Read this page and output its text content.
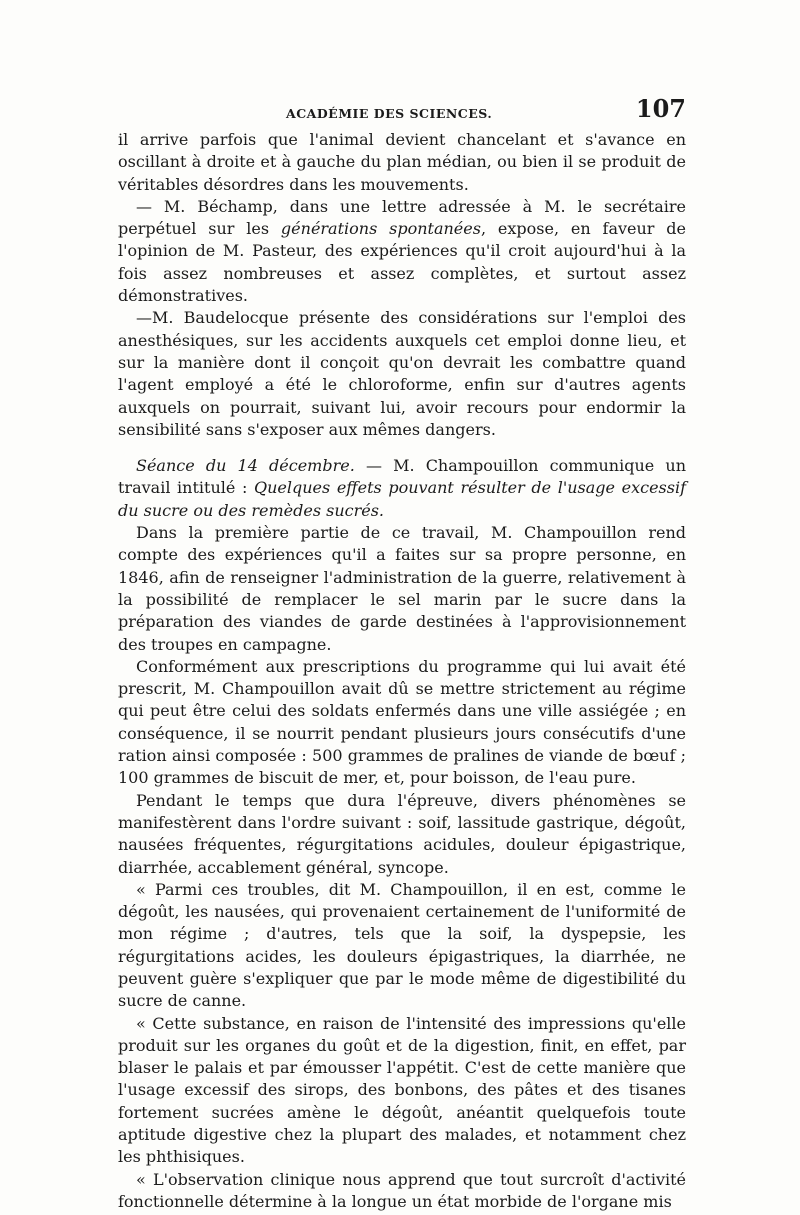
ACADÉMIE DES SCIENCES.	107

il arrive parfois que l'animal devient chancelant et s'avance en oscillant à droite et à gauche du plan médian, ou bien il se produit de véritables désordres dans les mouvements.

— M. Béchamp, dans une lettre adressée à M. le secrétaire perpétuel sur les générations spontanées, expose, en faveur de l'opinion de M. Pasteur, des expériences qu'il croit aujourd'hui à la fois assez nombreuses et assez complètes, et surtout assez démonstratives.

—M. Baudelocque présente des considérations sur l'emploi des anesthésiques, sur les accidents auxquels cet emploi donne lieu, et sur la manière dont il conçoit qu'on devrait les combattre quand l'agent employé a été le chloroforme, enfin sur d'autres agents auxquels on pourrait, suivant lui, avoir recours pour endormir la sensibilité sans s'exposer aux mêmes dangers.

Séance du 14 décembre. — M. Champouillon communique un travail intitulé : Quelques effets pouvant résulter de l'usage excessif du sucre ou des remèdes sucrés.

Dans la première partie de ce travail, M. Champouillon rend compte des expériences qu'il a faites sur sa propre personne, en 1846, afin de renseigner l'administration de la guerre, relativement à la possibilité de remplacer le sel marin par le sucre dans la préparation des viandes de garde destinées à l'approvisionnement des troupes en campagne.

Conformément aux prescriptions du programme qui lui avait été prescrit, M. Champouillon avait dû se mettre strictement au régime qui peut être celui des soldats enfermés dans une ville assiégée ; en conséquence, il se nourrit pendant plusieurs jours consécutifs d'une ration ainsi composée : 500 grammes de pralines de viande de bœuf ; 100 grammes de biscuit de mer, et, pour boisson, de l'eau pure.

Pendant le temps que dura l'épreuve, divers phénomènes se manifestèrent dans l'ordre suivant : soif, lassitude gastrique, dégoût, nausées fréquentes, régurgitations acidules, douleur épigastrique, diarrhée, accablement général, syncope.

« Parmi ces troubles, dit M. Champouillon, il en est, comme le dégoût, les nausées, qui provenaient certainement de l'uniformité de mon régime ; d'autres, tels que la soif, la dyspepsie, les régurgitations acides, les douleurs épigastriques, la diarrhée, ne peuvent guère s'expliquer que par le mode même de digestibilité du sucre de canne.

« Cette substance, en raison de l'intensité des impressions qu'elle produit sur les organes du goût et de la digestion, finit, en effet, par blaser le palais et par émousser l'appétit. C'est de cette manière que l'usage excessif des sirops, des bonbons, des pâtes et des tisanes fortement sucrées amène le dégoût, anéantit quelquefois toute aptitude digestive chez la plupart des malades, et notamment chez les phthisiques.

« L'observation clinique nous apprend que tout surcroît d'activité fonctionnelle détermine à la longue un état morbide de l'organe mis
